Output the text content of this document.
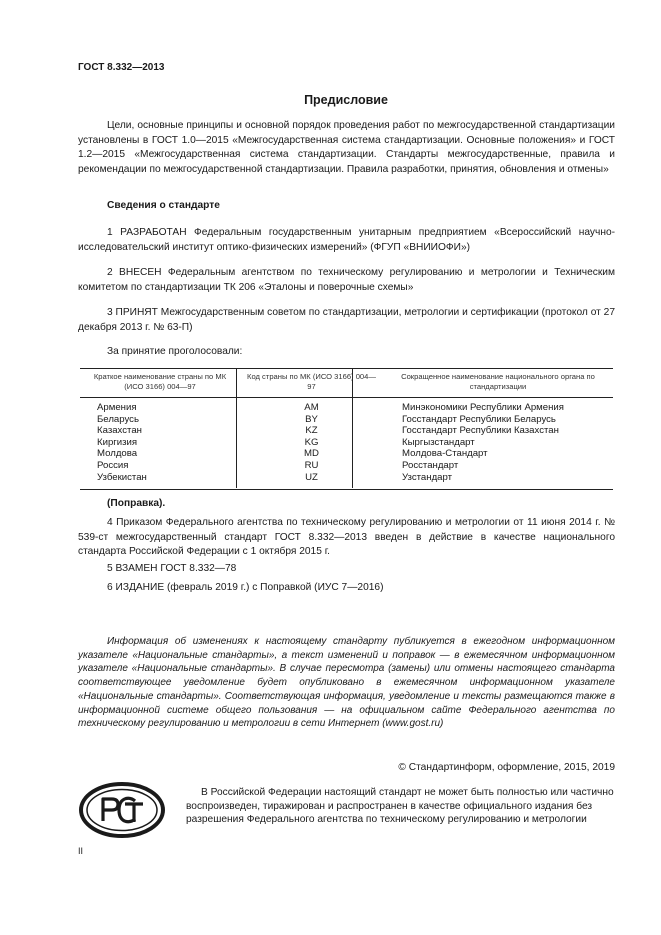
ГОСТ 8.332—2013
Предисловие

Цели, основные принципы и основной порядок проведения работ по межгосударственной стандартизации установлены в ГОСТ 1.0—2015 «Межгосударственная система стандартизации. Основные положения» и ГОСТ 1.2—2015 «Межгосударственная система стандартизации. Стандарты межгосударственные, правила и рекомендации по межгосударственной стандартизации. Правила разработки, принятия, обновления и отмены»

Сведения о стандарте

1 РАЗРАБОТАН Федеральным государственным унитарным предприятием «Всероссийский научно-исследовательский институт оптико-физических измерений» (ФГУП «ВНИИОФИ»)

2 ВНЕСЕН Федеральным агентством по техническому регулированию и метрологии и Техническим комитетом по стандартизации ТК 206 «Эталоны и поверочные схемы»

3 ПРИНЯТ Межгосударственным советом по стандартизации, метрологии и сертификации (протокол от 27 декабря 2013 г. № 63-П)

За принятие проголосовали:
Краткое наименование страны по МК (ИСО 3166) 004—97	Код страны по МК (ИСО 3166) 004—97	Сокращенное наименование национального органа по стандартизации
Армения	AM	Минэкономики Республики Армения
Беларусь	BY	Госстандарт Республики Беларусь
Казахстан	KZ	Госстандарт Республики Казахстан
Киргизия	KG	Кыргызстандарт
Молдова	MD	Молдова-Стандарт
Россия	RU	Росстандарт
Узбекистан	UZ	Узстандарт
(Поправка).

4 Приказом Федерального агентства по техническому регулированию и метрологии от 11 июня 2014 г. № 539-ст межгосударственный стандарт ГОСТ 8.332—2013 введен в действие в качестве национального стандарта Российской Федерации с 1 октября 2015 г.

5 ВЗАМЕН ГОСТ 8.332—78
6 ИЗДАНИЕ (февраль 2019 г.) с Поправкой (ИУС 7—2016)

Информация об изменениях к настоящему стандарту публикуется в ежегодном информационном указателе «Национальные стандарты», а текст изменений и поправок — в ежемесячном информационном указателе «Национальные стандарты». В случае пересмотра (замены) или отмены настоящего стандарта соответствующее уведомление будет опубликовано в ежемесячном информационном указателе «Национальные стандарты». Соответствующая информация, уведомление и тексты размещаются также в информационной системе общего пользования — на официальном сайте Федерального агентства по техническому регулированию и метрологии в сети Интернет (www.gost.ru)

© Стандартинформ, оформление, 2015, 2019

В Российской Федерации настоящий стандарт не может быть полностью или частично воспроизведен, тиражирован и распространен в качестве официального издания без разрешения Федерального агентства по техническому регулированию и метрологии

II
